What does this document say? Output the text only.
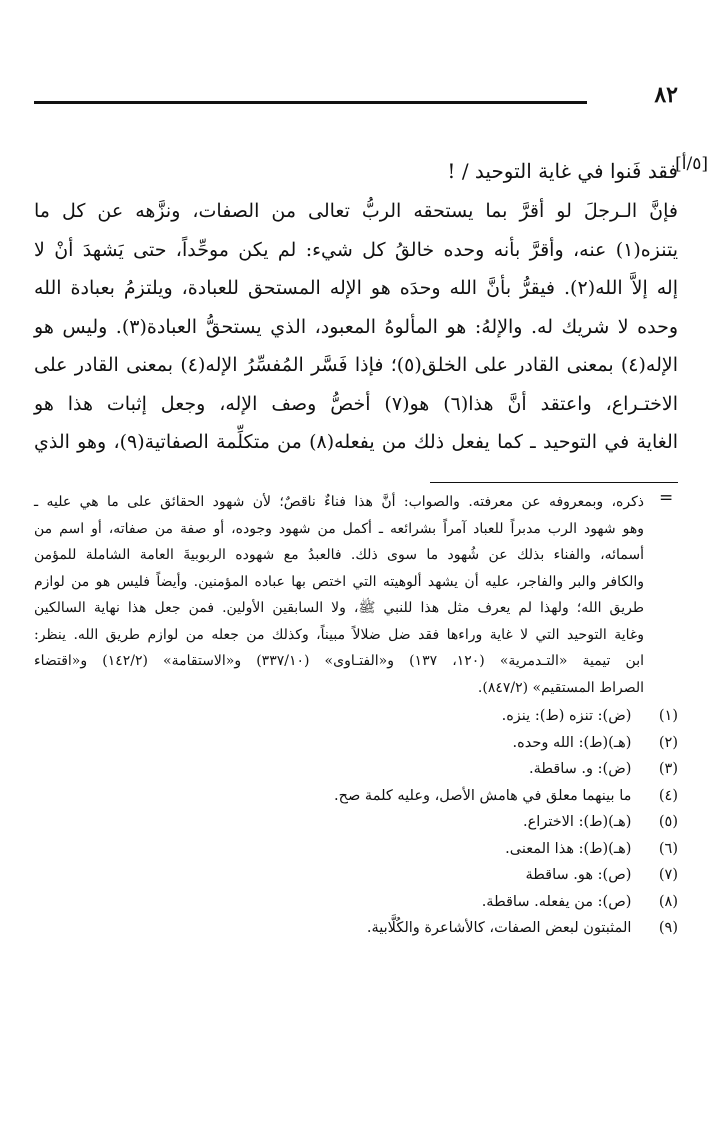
٨٢
[٥/أ]

فقد فَنوا في غاية التوحيد / !

فإنَّ الـرجلَ لو أقرَّ بما يستحقه الربُّ تعالى من الصفات، ونزَّهه عن كل ما

يتنزه(١) عنه، وأقرَّ بأنه وحده خالقُ كل شيء: لم يكن موحِّداً، حتى يَشهدَ أنْ لا

إله إلاَّ الله(٢). فيقرُّ بأنَّ الله وحدَه هو الإله المستحق للعبادة، ويلتزمُ بعبادة الله

وحده لا شريك له. والإلهُ: هو المألوهُ المعبود، الذي يستحقُّ العبادة(٣). وليس هو

الإله(٤) بمعنى القادر على الخلق(٥)؛ فإذا فَسَّر المُفسِّرُ الإله(٤) بمعنى القادر على

الاختـراع، واعتقد أنَّ هذا(٦) هو(٧) أخصُّ وصف الإله، وجعل إثبات هذا هو

الغاية في التوحيد ـ كما يفعل ذلك من يفعله(٨) من متكلِّمة الصفاتية(٩)، وهو الذي

=

ذكره، وبمعروفه عن معرفته. والصواب: أنَّ هذا فناءٌ ناقصٌ؛ لأن شهود الحقائق على ما هي عليه ـ

وهو شهود الرب مدبراً للعباد آمراً بشرائعه ـ أكمل من شهود وجوده، أو صفة من صفاته، أو اسم من

أسمائه، والفناء بذلك عن شُهود ما سوى ذلك. فالعبدُ مع شهوده الربوبيةَ العامة الشاملة للمؤمن

والكافر والبر والفاجر، عليه أن يشهد ألوهيته التي اختص بها عباده المؤمنين. وأيضاً فليس هو من لوازم

طريق الله؛ ولهذا لم يعرف مثل هذا للنبي ﷺ، ولا السابقين الأولين. فمن جعل هذا نهاية السالكين

وغاية التوحيد التي لا غاية وراءها فقد ضل ضلالاً مبيناً، وكذلك من جعله من لوازم طريق الله. ينظر:

ابن تيمية «التـدمرية» (١٢٠، ١٣٧) و«الفتـاوى» (٣٣٧/١٠) و«الاستقامة» (١٤٢/٢) و«اقتضاء

الصراط المستقيم» (٨٤٧/٢).

(١) (ض): تنزه (ط): ينزه.

(٢) (هـ)(ط): الله وحده.

(٣) (ض): و. ساقطة.

(٤) ما بينهما معلق في هامش الأصل، وعليه كلمة صح.

(٥) (هـ)(ط): الاختراع.

(٦) (هـ)(ط): هذا المعنى.

(٧) (ص): هو. ساقطة

(٨) (ص): من يفعله. ساقطة.

(٩) المثبتون لبعض الصفات، كالأشاعرة والكُلَّابية.
